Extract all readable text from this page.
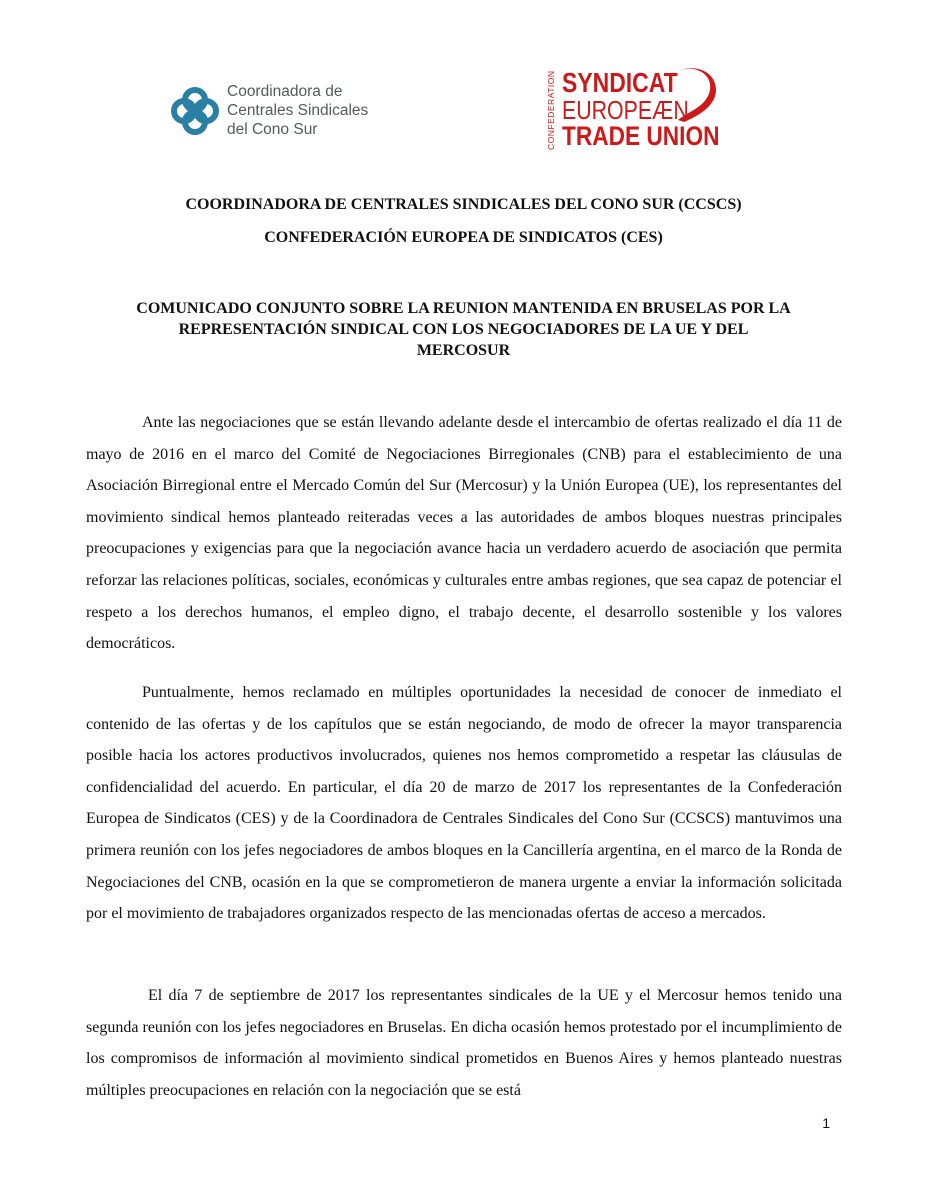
Coordinadora de
Centrales Sindicales
del Cono Sur	CONFEDERATION SYNDICAT
EUROPEÆN
TRADE UNION
COORDINADORA DE CENTRALES SINDICALES DEL CONO SUR (CCSCS)
CONFEDERACIÓN EUROPEA DE SINDICATOS (CES)
COMUNICADO CONJUNTO SOBRE LA REUNION MANTENIDA EN BRUSELAS POR LA
REPRESENTACIÓN SINDICAL CON LOS NEGOCIADORES DE LA UE Y DEL
MERCOSUR

Ante las negociaciones que se están llevando adelante desde el intercambio de ofertas realizado el día 11 de mayo de 2016 en el marco del Comité de Negociaciones Birregionales (CNB) para el establecimiento de una Asociación Birregional entre el Mercado Común del Sur (Mercosur) y la Unión Europea (UE), los representantes del movimiento sindical hemos planteado reiteradas veces a las autoridades de ambos bloques nuestras principales preocupaciones y exigencias para que la negociación avance hacia un verdadero acuerdo de asociación que permita reforzar las relaciones políticas, sociales, económicas y culturales entre ambas regiones, que sea capaz de potenciar el respeto a los derechos humanos, el empleo digno, el trabajo decente, el desarrollo sostenible y los valores democráticos.

Puntualmente, hemos reclamado en múltiples oportunidades la necesidad de conocer de inmediato el contenido de las ofertas y de los capítulos que se están negociando, de modo de ofrecer la mayor transparencia posible hacia los actores productivos involucrados, quienes nos hemos comprometido a respetar las cláusulas de confidencialidad del acuerdo. En particular, el día 20 de marzo de 2017 los representantes de la Confederación Europea de Sindicatos (CES) y de la Coordinadora de Centrales Sindicales del Cono Sur (CCSCS) mantuvimos una primera reunión con los jefes negociadores de ambos bloques en la Cancillería argentina, en el marco de la Ronda de Negociaciones del CNB, ocasión en la que se comprometieron de manera urgente a enviar la información solicitada por el movimiento de trabajadores organizados respecto de las mencionadas ofertas de acceso a mercados.

El día 7 de septiembre de 2017 los representantes sindicales de la UE y el Mercosur hemos tenido una segunda reunión con los jefes negociadores en Bruselas. En dicha ocasión hemos protestado por el incumplimiento de los compromisos de información al movimiento sindical prometidos en Buenos Aires y hemos planteado nuestras múltiples preocupaciones en relación con la negociación que se está

1
